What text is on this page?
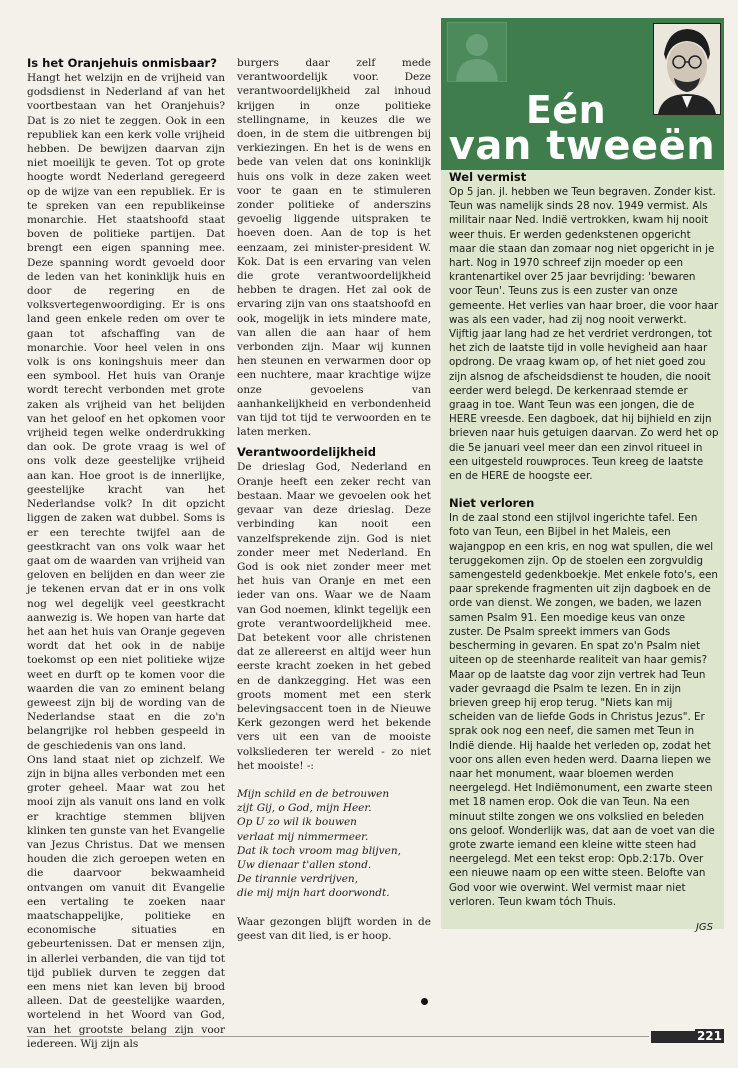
Is het Oranjehuis onmisbaar?

Hangt het welzijn en de vrijheid van godsdienst in Nederland af van het voortbestaan van het Oranjehuis? Dat is zo niet te zeggen. Ook in een republiek kan een kerk volle vrijheid hebben. De bewijzen daarvan zijn niet moeilijk te geven. Tot op grote hoogte wordt Nederland geregeerd op de wijze van een republiek. Er is te spreken van een republikeinse monarchie. Het staatshoofd staat boven de politieke partijen. Dat brengt een eigen spanning mee. Deze spanning wordt gevoeld door de leden van het koninklijk huis en door de regering en de volksvertegenwoordiging. Er is ons land geen enkele reden om over te gaan tot afschaffing van de monarchie. Voor heel velen in ons volk is ons koningshuis meer dan een symbool. Het huis van Oranje wordt terecht verbonden met grote zaken als vrijheid van het belijden van het geloof en het opkomen voor vrijheid tegen welke onderdrukking dan ook. De grote vraag is wel of ons volk deze geestelijke vrijheid aan kan. Hoe groot is de innerlijke, geestelijke kracht van het Nederlandse volk? In dit opzicht liggen de zaken wat dubbel. Soms is er een terechte twijfel aan de geestkracht van ons volk waar het gaat om de waarden van vrijheid van geloven en belijden en dan weer zie je tekenen ervan dat er in ons volk nog wel degelijk veel geestkracht aanwezig is. We hopen van harte dat het aan het huis van Oranje gegeven wordt dat het ook in de nabije toekomst op een niet politieke wijze weet en durft op te komen voor die waarden die van zo eminent belang geweest zijn bij de wording van de Nederlandse staat en die zo'n belangrijke rol hebben gespeeld in de geschiedenis van ons land.

Ons land staat niet op zichzelf. We zijn in bijna alles verbonden met een groter geheel. Maar wat zou het mooi zijn als vanuit ons land en volk er krachtige stemmen blijven klinken ten gunste van het Evangelie van Jezus Christus. Dat we mensen houden die zich geroepen weten en die daarvoor bekwaamheid ontvangen om vanuit dit Evangelie een vertaling te zoeken naar maatschappelijke, politieke en economische situaties en gebeurtenissen. Dat er mensen zijn, in allerlei verbanden, die van tijd tot tijd publiek durven te zeggen dat een mens niet kan leven bij brood alleen. Dat de geestelijke waarden, wortelend in het Woord van God, van het grootste belang zijn voor iedereen. Wij zijn als

burgers daar zelf mede verantwoordelijk voor. Deze verantwoordelijkheid zal inhoud krijgen in onze politieke stellingname, in keuzes die we doen, in de stem die uitbrengen bij verkiezingen. En het is de wens en bede van velen dat ons koninklijk huis ons volk in deze zaken weet voor te gaan en te stimuleren zonder politieke of anderszins gevoelig liggende uitspraken te hoeven doen. Aan de top is het eenzaam, zei minister-president W. Kok. Dat is een ervaring van velen die grote verantwoordelijkheid hebben te dragen. Het zal ook de ervaring zijn van ons staatshoofd en ook, mogelijk in iets mindere mate, van allen die aan haar of hem verbonden zijn. Maar wij kunnen hen steunen en verwarmen door op een nuchtere, maar krachtige wijze onze gevoelens van aanhankelijkheid en verbondenheid van tijd tot tijd te verwoorden en te laten merken.

Verantwoordelijkheid

De drieslag God, Nederland en Oranje heeft een zeker recht van bestaan. Maar we gevoelen ook het gevaar van deze drieslag. Deze verbinding kan nooit een vanzelfsprekende zijn. God is niet zonder meer met Nederland. En God is ook niet zonder meer met het huis van Oranje en met een ieder van ons. Waar we de Naam van God noemen, klinkt tegelijk een grote verantwoordelijkheid mee. Dat betekent voor alle christenen dat ze allereerst en altijd weer hun eerste kracht zoeken in het gebed en de dankzegging. Het was een groots moment met een sterk belevingsaccent toen in de Nieuwe Kerk gezongen werd het bekende vers uit een van de mooiste volksliederen ter wereld - zo niet het mooiste! -:

Mijn schild en de betrouwen
zijt Gij, o God, mijn Heer.
Op U zo wil ik bouwen
verlaat mij nimmermeer.
Dat ik toch vroom mag blijven,
Uw dienaar t'allen stond.
De tirannie verdrijven,
die mij mijn hart doorwondt.

Waar gezongen blijft worden in de geest van dit lied, is er hoop.

Eén
van tweeën
Wel vermist

Op 5 jan. jl. hebben we Teun begraven. Zonder kist. Teun was namelijk sinds 28 nov. 1949 vermist. Als militair naar Ned. Indië vertrokken, kwam hij nooit weer thuis. Er werden gedenkstenen opgericht maar die staan dan zomaar nog niet opgericht in je hart. Nog in 1970 schreef zijn moeder op een krantenartikel over 25 jaar bevrijding: 'bewaren voor Teun'. Teuns zus is een zuster van onze gemeente. Het verlies van haar broer, die voor haar was als een vader, had zij nog nooit verwerkt. Vijftig jaar lang had ze het verdriet verdrongen, tot het zich de laatste tijd in volle hevigheid aan haar opdrong. De vraag kwam op, of het niet goed zou zijn alsnog de afscheidsdienst te houden, die nooit eerder werd belegd. De kerkenraad stemde er graag in toe. Want Teun was een jongen, die de HERE vreesde. Een dagboek, dat hij bijhield en zijn brieven naar huis getuigen daarvan. Zo werd het op die 5e januari veel meer dan een zinvol ritueel in een uitgesteld rouwproces. Teun kreeg de laatste en de HERE de hoogste eer.

Niet verloren

In de zaal stond een stijlvol ingerichte tafel. Een foto van Teun, een Bijbel in het Maleis, een wajangpop en een kris, en nog wat spullen, die wel teruggekomen zijn. Op de stoelen een zorgvuldig samengesteld gedenkboekje. Met enkele foto's, een paar sprekende fragmenten uit zijn dagboek en de orde van dienst. We zongen, we baden, we lazen samen Psalm 91. Een moedige keus van onze zuster. De Psalm spreekt immers van Gods bescherming in gevaren. En spat zo'n Psalm niet uiteen op de steenharde realiteit van haar gemis? Maar op de laatste dag voor zijn vertrek had Teun vader gevraagd die Psalm te lezen. En in zijn brieven greep hij erop terug. "Niets kan mij scheiden van de liefde Gods in Christus Jezus". Er sprak ook nog een neef, die samen met Teun in Indië diende. Hij haalde het verleden op, zodat het voor ons allen even heden werd. Daarna liepen we naar het monument, waar bloemen werden neergelegd. Het Indiëmonument, een zwarte steen met 18 namen erop. Ook die van Teun. Na een minuut stilte zongen we ons volkslied en beleden ons geloof. Wonderlijk was, dat aan de voet van die grote zwarte iemand een kleine witte steen had neergelegd. Met een tekst erop: Opb.2:17b. Over een nieuwe naam op een witte steen. Belofte van God voor wie overwint. Wel vermist maar niet verloren. Teun kwam tóch Thuis.

JGS
221
